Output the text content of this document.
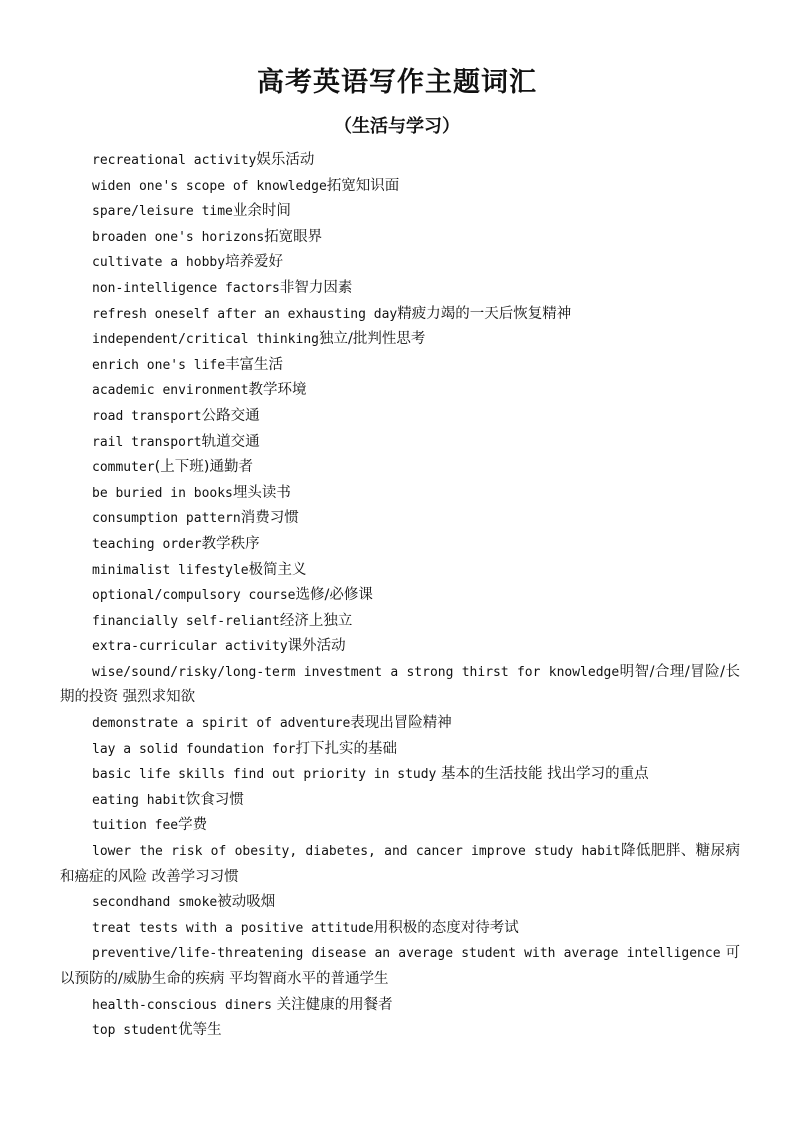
高考英语写作主题词汇
（生活与学习）
recreational activity娱乐活动
widen one's scope of knowledge拓宽知识面
spare/leisure time业余时间
broaden one's horizons拓宽眼界
cultivate a hobby培养爱好
non-intelligence factors非智力因素
refresh oneself after an exhausting day精疲力竭的一天后恢复精神
independent/critical thinking独立/批判性思考
enrich one's life丰富生活
academic environment教学环境
road transport公路交通
rail transport轨道交通
commuter(上下班)通勤者
be buried in books埋头读书
consumption pattern消费习惯
teaching order教学秩序
minimalist lifestyle极简主义
optional/compulsory course选修/必修课
financially self-reliant经济上独立
extra-curricular activity课外活动
wise/sound/risky/long-term investment a strong thirst for knowledge明智/合理/冒险/长期的投资 强烈求知欲
demonstrate a spirit of adventure表现出冒险精神
lay a solid foundation for打下扎实的基础
basic life skills find out priority in study 基本的生活技能 找出学习的重点
eating habit饮食习惯
tuition fee学费
lower the risk of obesity, diabetes, and cancer improve study habit降低肥胖、糖尿病和癌症的风险 改善学习习惯
secondhand smoke被动吸烟
treat tests with a positive attitude用积极的态度对待考试
preventive/life-threatening disease an average student with average intelligence 可以预防的/威胁生命的疾病 平均智商水平的普通学生
health-conscious diners 关注健康的用餐者
top student优等生
